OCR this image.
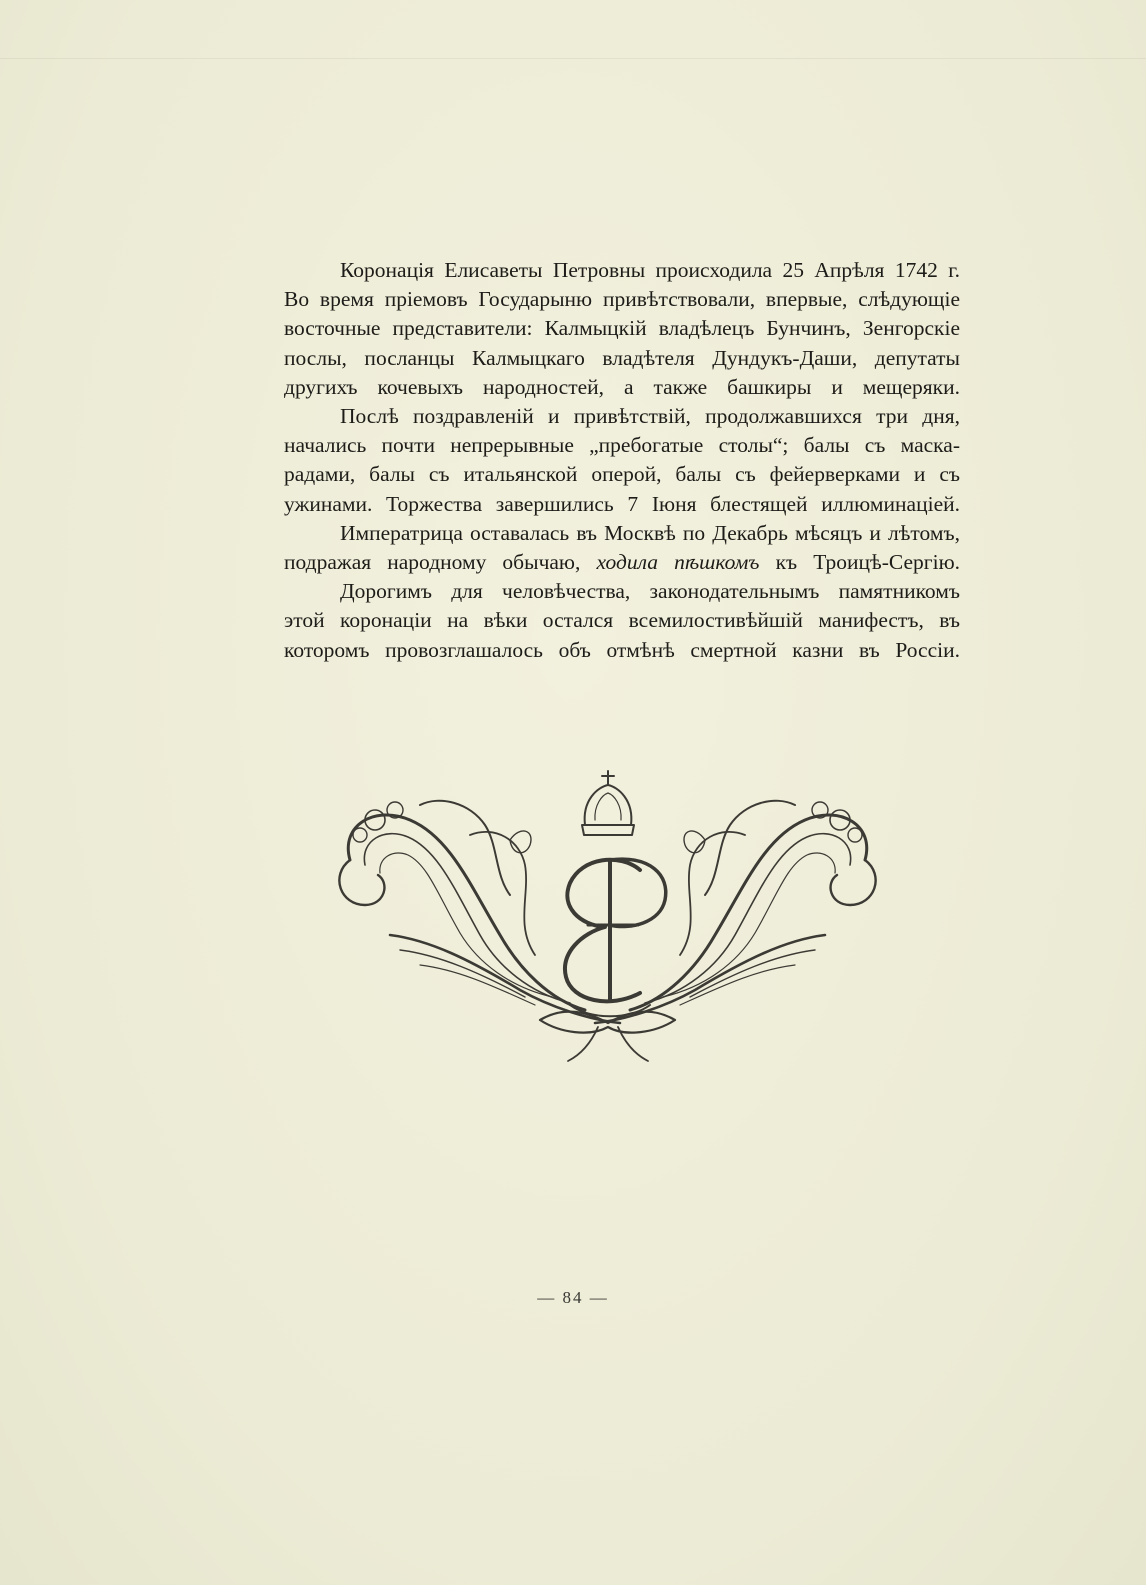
Коронація Елисаветы Петровны происходила 25 Апрѣля 1742 г.
Во время пріемовъ Государыню привѣтствовали, впервые, слѣдующіе
восточные представители: Калмыцкій владѣлецъ Бунчинъ, Зенгорскіе
послы, посланцы Калмыцкаго владѣтеля Дундукъ-Даши, депутаты
другихъ кочевыхъ народностей, а также башкиры и мещеряки.
Послѣ поздравленій и привѣтствій, продолжавшихся три дня,
начались почти непрерывные „пребогатые столы“; балы съ маска-
радами, балы съ итальянской оперой, балы съ фейерверками и съ
ужинами. Торжества завершились 7 Іюня блестящей иллюминаціей.
Императрица оставалась въ Москвѣ по Декабрь мѣсяцъ и лѣтомъ,
подражая народному обычаю, ходила пѣшкомъ къ Троицѣ-Сергію.
Дорогимъ для человѣчества, законодательнымъ памятникомъ
этой коронаціи на вѣки остался всемилостивѣйшій манифестъ, въ
которомъ провозглашалось объ отмѣнѣ смертной казни въ Россіи.
— 84 —
